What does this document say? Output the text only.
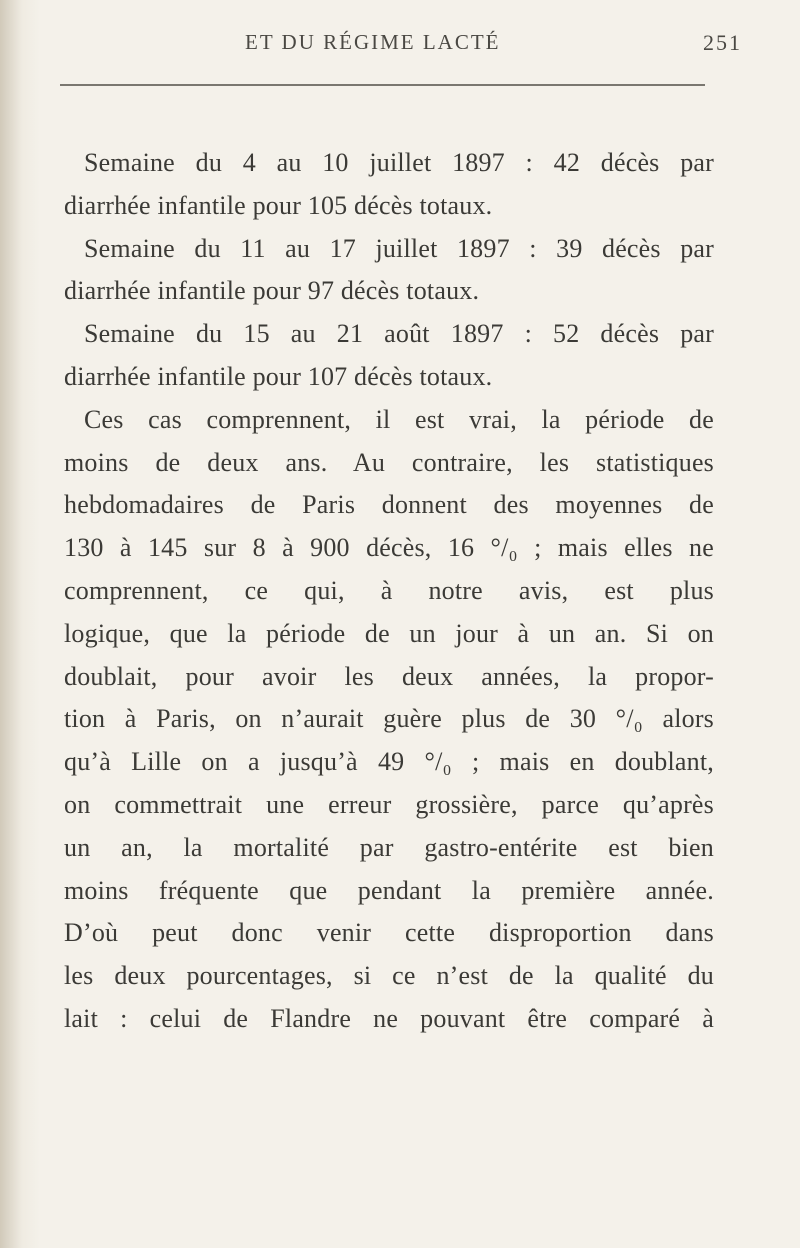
ET DU RÉGIME LACTÉ	251
Semaine du 4 au 10 juillet 1897 : 42 décès par
diarrhée infantile pour 105 décès totaux.
Semaine du 11 au 17 juillet 1897 : 39 décès par
diarrhée infantile pour 97 décès totaux.
Semaine du 15 au 21 août 1897 : 52 décès par
diarrhée infantile pour 107 décès totaux.
Ces cas comprennent, il est vrai, la période de
moins de deux ans. Au contraire, les statistiques
hebdomadaires de Paris donnent des moyennes de
130 à 145 sur 8 à 900 décès, 16 °/₀ ; mais elles ne
comprennent, ce qui, à notre avis, est plus
logique, que la période de un jour à un an. Si on
doublait, pour avoir les deux années, la propor-
tion à Paris, on n’aurait guère plus de 30 °/₀ alors
qu’à Lille on a jusqu’à 49 °/₀ ; mais en doublant,
on commettrait une erreur grossière, parce qu’après
un an, la mortalité par gastro-entérite est bien
moins fréquente que pendant la première année.
D’où peut donc venir cette disproportion dans
les deux pourcentages, si ce n’est de la qualité du
lait : celui de Flandre ne pouvant être comparé à
